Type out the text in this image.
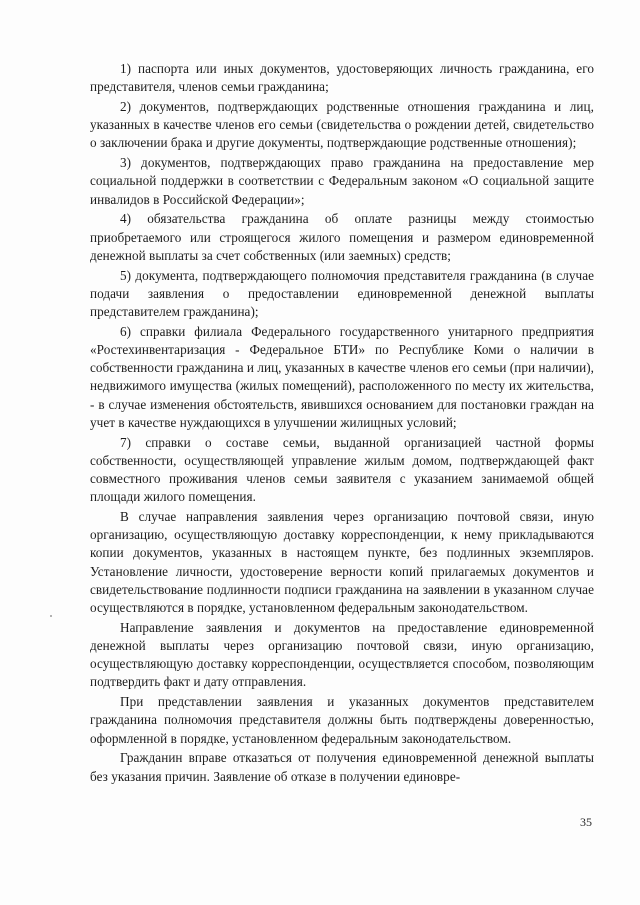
1) паспорта или иных документов, удостоверяющих личность гражданина, его представителя, членов семьи гражданина;

2) документов, подтверждающих родственные отношения гражданина и лиц, указанных в качестве членов его семьи (свидетельства о рождении детей, свидетельство о заключении брака и другие документы, подтверждающие родственные отношения);

3) документов, подтверждающих право гражданина на предоставление мер социальной поддержки в соответствии с Федеральным законом «О социальной защите инвалидов в Российской Федерации»;

4) обязательства гражданина об оплате разницы между стоимостью приобретаемого или строящегося жилого помещения и размером единовременной денежной выплаты за счет собственных (или заемных) средств;

5) документа, подтверждающего полномочия представителя гражданина (в случае подачи заявления о предоставлении единовременной денежной выплаты представителем гражданина);

6) справки филиала Федерального государственного унитарного предприятия «Ростехинвентаризация - Федеральное БТИ» по Республике Коми о наличии в собственности гражданина и лиц, указанных в качестве членов его семьи (при наличии), недвижимого имущества (жилых помещений), расположенного по месту их жительства, - в случае изменения обстоятельств, явившихся основанием для постановки граждан на учет в качестве нуждающихся в улучшении жилищных условий;

7) справки о составе семьи, выданной организацией частной формы собственности, осуществляющей управление жилым домом, подтверждающей факт совместного проживания членов семьи заявителя с указанием занимаемой общей площади жилого помещения.

В случае направления заявления через организацию почтовой связи, иную организацию, осуществляющую доставку корреспонденции, к нему прикладываются копии документов, указанных в настоящем пункте, без подлинных экземпляров. Установление личности, удостоверение верности копий прилагаемых документов и свидетельствование подлинности подписи гражданина на заявлении в указанном случае осуществляются в порядке, установленном федеральным законодательством.

Направление заявления и документов на предоставление единовременной денежной выплаты через организацию почтовой связи, иную организацию, осуществляющую доставку корреспонденции, осуществляется способом, позволяющим подтвердить факт и дату отправления.

При представлении заявления и указанных документов представителем гражданина полномочия представителя должны быть подтверждены доверенностью, оформленной в порядке, установленном федеральным законодательством.

Гражданин вправе отказаться от получения единовременной денежной выплаты без указания причин. Заявление об отказе в получении единовре-

35
